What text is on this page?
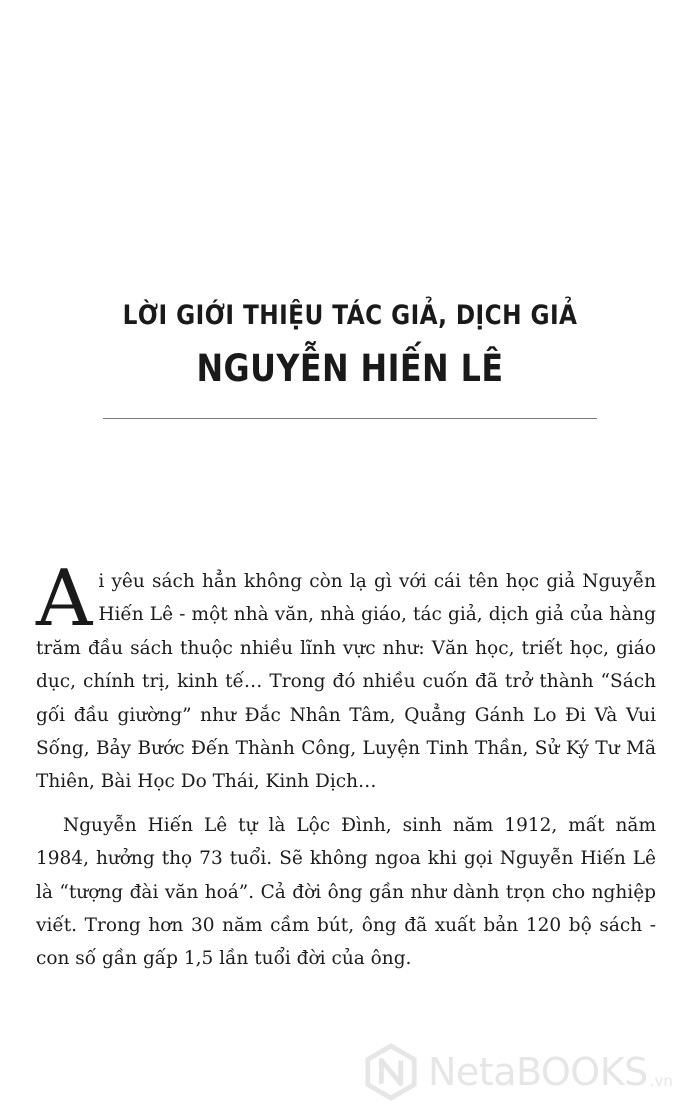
LỜI GIỚI THIỆU TÁC GIẢ, DỊCH GIẢ
NGUYỄN HIẾN LÊ

Ai yêu sách hẳn không còn lạ gì với cái tên học giả Nguyễn Hiến Lê - một nhà văn, nhà giáo, tác giả, dịch giả của hàng trăm đầu sách thuộc nhiều lĩnh vực như: Văn học, triết học, giáo dục, chính trị, kinh tế… Trong đó nhiều cuốn đã trở thành “Sách gối đầu giường” như Đắc Nhân Tâm, Quẳng Gánh Lo Đi Và Vui Sống, Bảy Bước Đến Thành Công, Luyện Tinh Thần, Sử Ký Tư Mã Thiên, Bài Học Do Thái, Kinh Dịch…

Nguyễn Hiến Lê tự là Lộc Đình, sinh năm 1912, mất năm 1984, hưởng thọ 73 tuổi. Sẽ không ngoa khi gọi Nguyễn Hiến Lê là “tượng đài văn hoá”. Cả đời ông gần như dành trọn cho nghiệp viết. Trong hơn 30 năm cầm bút, ông đã xuất bản 120 bộ sách - con số gần gấp 1,5 lần tuổi đời của ông.

NetaBOOKS .vn
